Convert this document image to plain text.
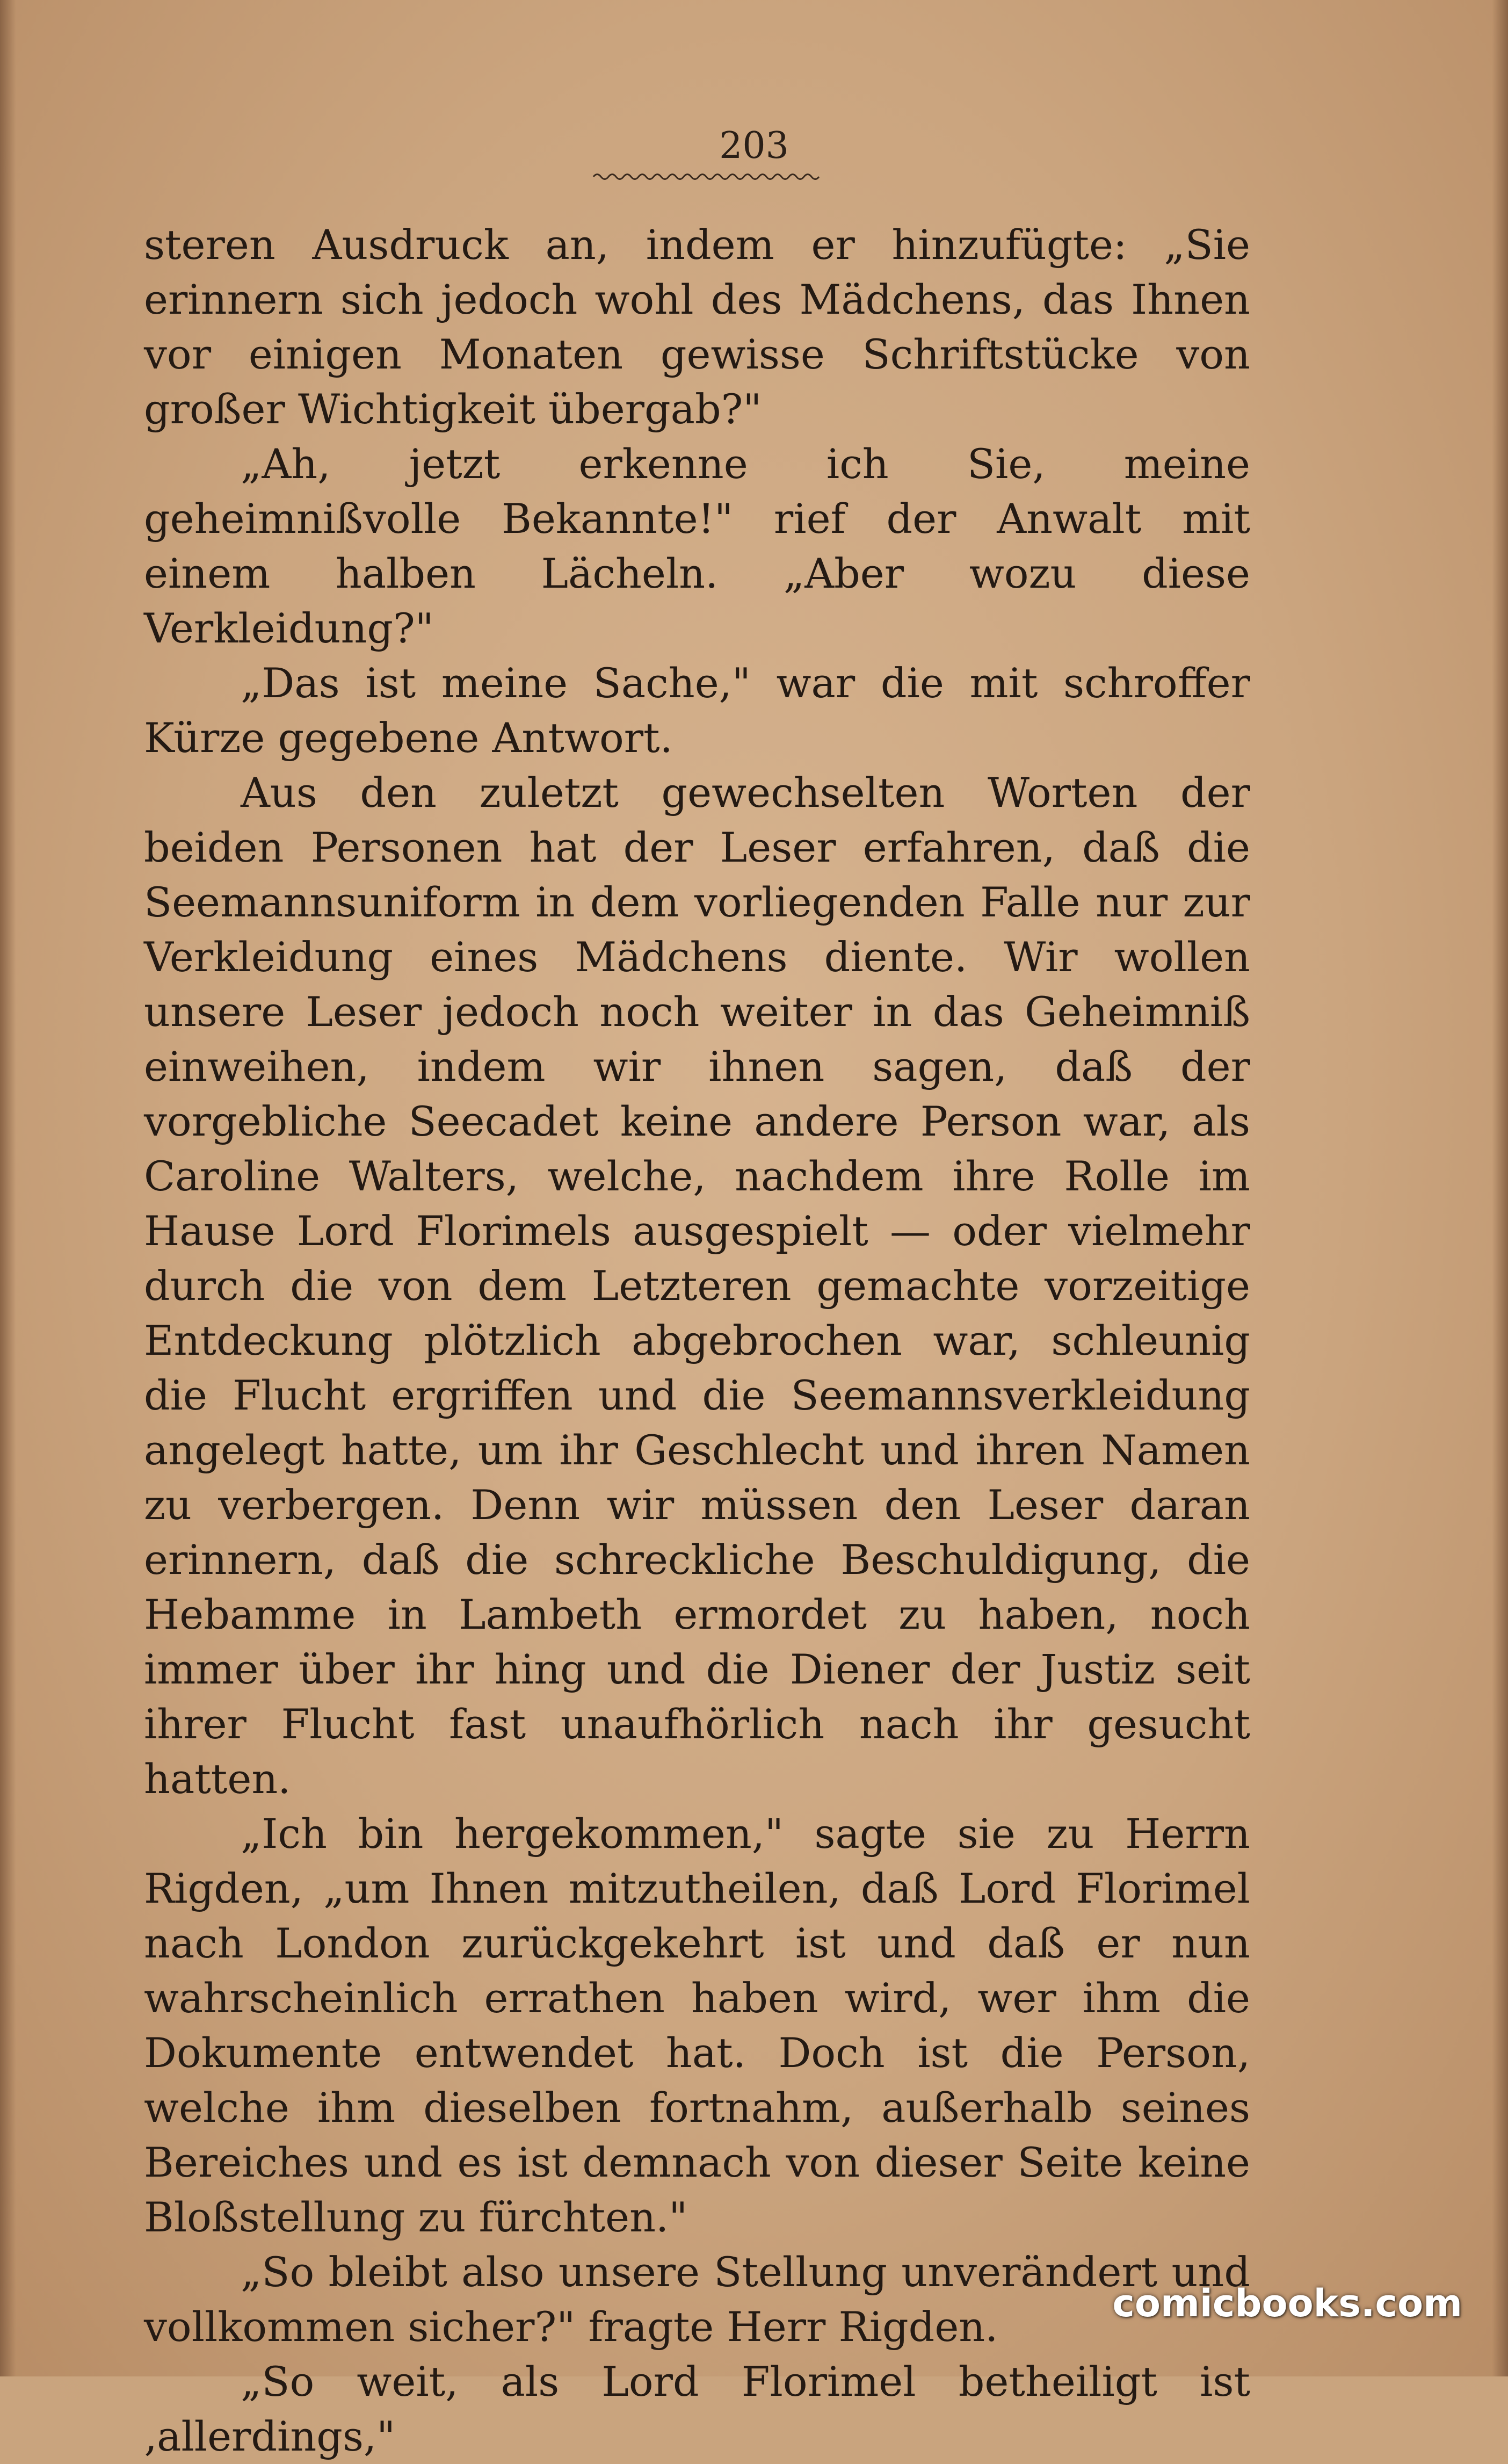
203

steren Ausdruck an, indem er hinzufügte: „Sie erinnern sich jedoch wohl des Mädchens, das Ihnen vor einigen Monaten gewisse Schriftstücke von großer Wichtigkeit übergab?"

„Ah, jetzt erkenne ich Sie, meine geheimnißvolle Bekannte!" rief der Anwalt mit einem halben Lächeln. „Aber wozu diese Verkleidung?"

„Das ist meine Sache," war die mit schroffer Kürze gegebene Antwort.

Aus den zuletzt gewechselten Worten der beiden Personen hat der Leser erfahren, daß die Seemannsuniform in dem vorliegenden Falle nur zur Verkleidung eines Mädchens diente. Wir wollen unsere Leser jedoch noch weiter in das Geheimniß einweihen, indem wir ihnen sagen, daß der vorgebliche Seecadet keine andere Person war, als Caroline Walters, welche, nachdem ihre Rolle im Hause Lord Florimels ausgespielt — oder vielmehr durch die von dem Letzteren gemachte vorzeitige Entdeckung plötzlich abgebrochen war, schleunig die Flucht ergriffen und die Seemannsverkleidung angelegt hatte, um ihr Geschlecht und ihren Namen zu verbergen. Denn wir müssen den Leser daran erinnern, daß die schreckliche Beschuldigung, die Hebamme in Lambeth ermordet zu haben, noch immer über ihr hing und die Diener der Justiz seit ihrer Flucht fast unaufhörlich nach ihr gesucht hatten.

„Ich bin hergekommen," sagte sie zu Herrn Rigden, „um Ihnen mitzutheilen, daß Lord Florimel nach London zurückgekehrt ist und daß er nun wahrscheinlich errathen haben wird, wer ihm die Dokumente entwendet hat. Doch ist die Person, welche ihm dieselben fortnahm, außerhalb seines Bereiches und es ist demnach von dieser Seite keine Bloßstellung zu fürchten."

„So bleibt also unsere Stellung unverändert und vollkommen sicher?" fragte Herr Rigden.

„So weit, als Lord Florimel betheiligt ist ‚allerdings,"

comicbooks.com
